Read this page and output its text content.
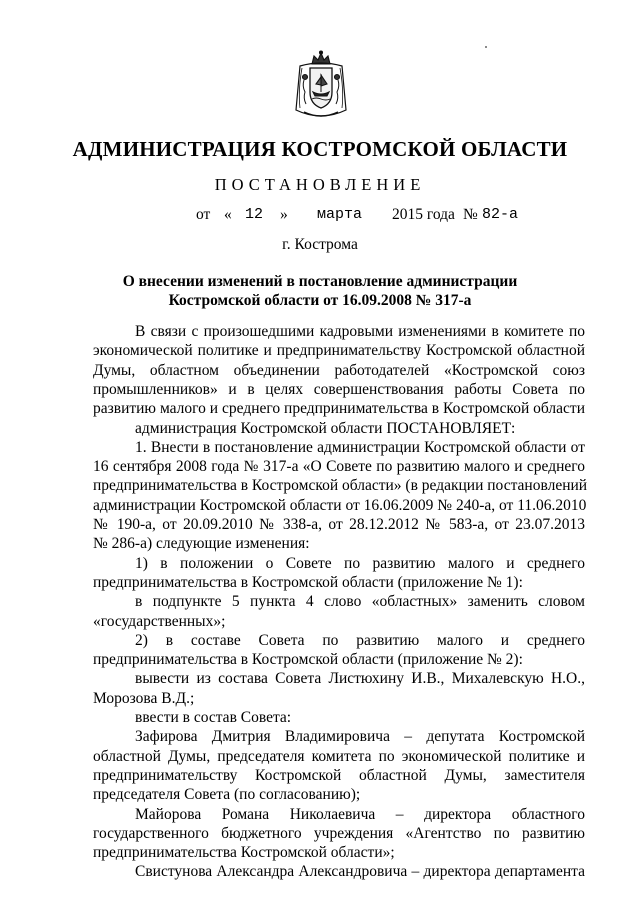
АДМИНИСТРАЦИЯ КОСТРОМСКОЙ ОБЛАСТИ
ПОСТАНОВЛЕНИЕ
от « 12 » марта 2015 года № 82-а
г. Кострома
О внесении изменений в постановление администрации
Костромской области от 16.09.2008 № 317-а
В связи с произошедшими кадровыми изменениями в комитете по
экономической политике и предпринимательству Костромской областной
Думы, областном объединении работодателей «Костромской союз
промышленников» и в целях совершенствования работы Совета по
развитию малого и среднего предпринимательства в Костромской области
администрация Костромской области ПОСТАНОВЛЯЕТ:
1. Внести в постановление администрации Костромской области от
16 сентября 2008 года № 317-а «О Совете по развитию малого и среднего
предпринимательства в Костромской области» (в редакции постановлений
администрации Костромской области от 16.06.2009 № 240-а, от 11.06.2010
№ 190-а, от 20.09.2010 № 338-а, от 28.12.2012 № 583-а, от 23.07.2013
№ 286-а) следующие изменения:
1) в положении о Совете по развитию малого и среднего
предпринимательства в Костромской области (приложение № 1):
в подпункте 5 пункта 4 слово «областных» заменить словом
«государственных»;
2) в составе Совета по развитию малого и среднего
предпринимательства в Костромской области (приложение № 2):
вывести из состава Совета Листюхину И.В., Михалевскую Н.О.,
Морозова В.Д.;
ввести в состав Совета:
Зафирова Дмитрия Владимировича – депутата Костромской
областной Думы, председателя комитета по экономической политике и
предпринимательству Костромской областной Думы, заместителя
председателя Совета (по согласованию);
Майорова Романа Николаевича – директора областного
государственного бюджетного учреждения «Агентство по развитию
предпринимательства Костромской области»;
Свистунова Александра Александровича – директора департамента
